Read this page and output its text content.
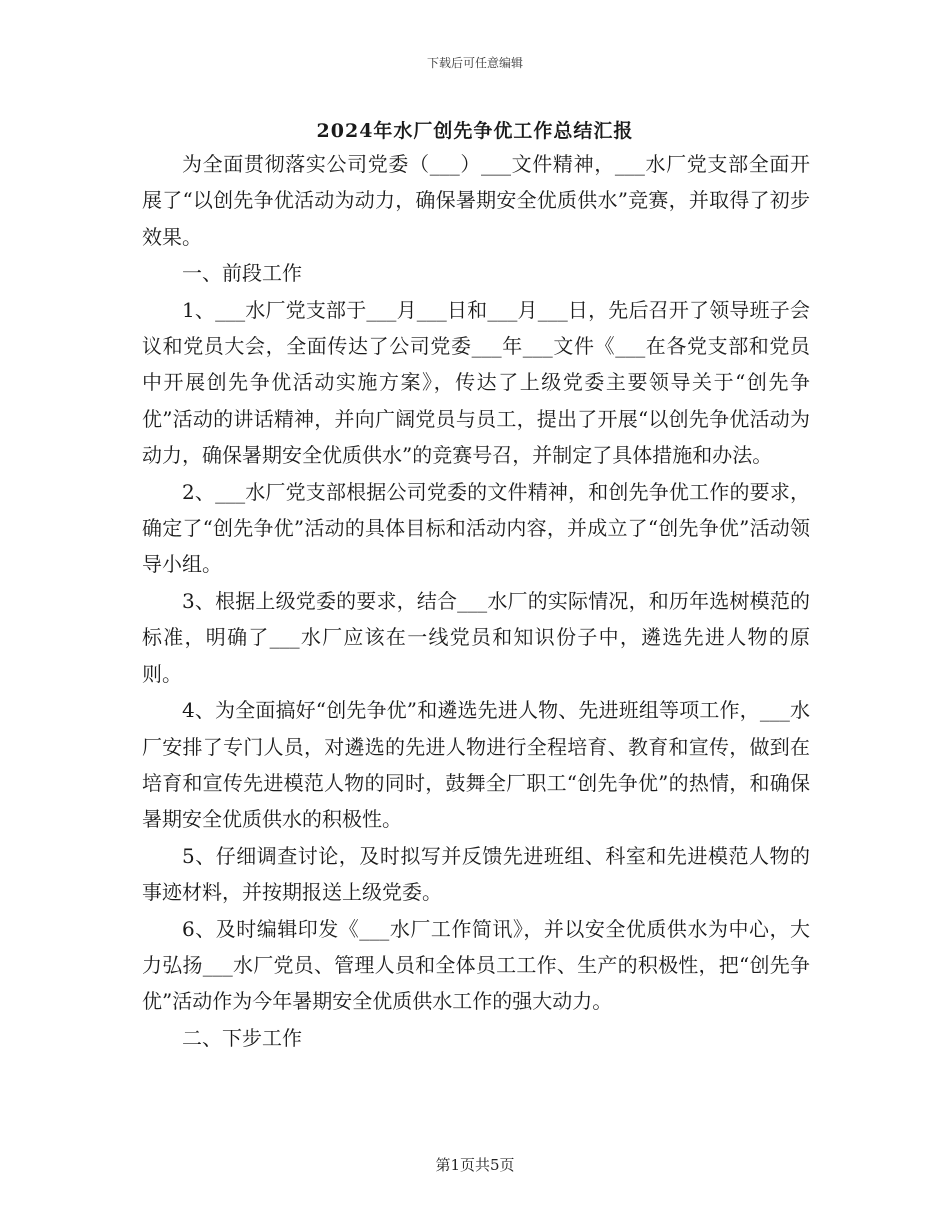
下载后可任意编辑
2024年水厂创先争优工作总结汇报

为全面贯彻落实公司党委（___）___文件精神，___水厂党支部全面开展了“以创先争优活动为动力，确保暑期安全优质供水”竞赛，并取得了初步效果。

一、前段工作

1、___水厂党支部于___月___日和___月___日，先后召开了领导班子会议和党员大会，全面传达了公司党委___年___文件《___在各党支部和党员中开展创先争优活动实施方案》，传达了上级党委主要领导关于“创先争优”活动的讲话精神，并向广阔党员与员工，提出了开展“以创先争优活动为动力，确保暑期安全优质供水”的竞赛号召，并制定了具体措施和办法。

2、___水厂党支部根据公司党委的文件精神，和创先争优工作的要求，确定了“创先争优”活动的具体目标和活动内容，并成立了“创先争优”活动领导小组。

3、根据上级党委的要求，结合___水厂的实际情况，和历年选树模范的标准，明确了___水厂应该在一线党员和知识份子中，遴选先进人物的原则。

4、为全面搞好“创先争优”和遴选先进人物、先进班组等项工作，___水厂安排了专门人员，对遴选的先进人物进行全程培育、教育和宣传，做到在培育和宣传先进模范人物的同时，鼓舞全厂职工“创先争优”的热情，和确保暑期安全优质供水的积极性。

5、仔细调查讨论，及时拟写并反馈先进班组、科室和先进模范人物的事迹材料，并按期报送上级党委。

6、及时编辑印发《___水厂工作简讯》，并以安全优质供水为中心，大力弘扬___水厂党员、管理人员和全体员工工作、生产的积极性，把“创先争优”活动作为今年暑期安全优质供水工作的强大动力。

二、下步工作

第1页共5页
